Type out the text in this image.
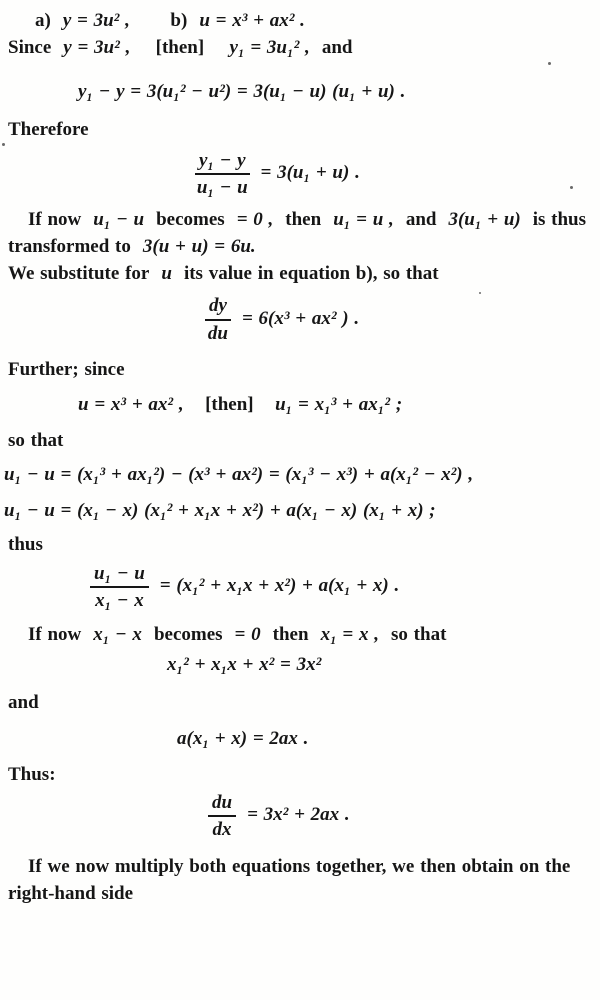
a) y = 3u² , b) u = x³ + ax² .

Since y = 3u² , [then] y₁ = 3u₁² , and

y₁ − y = 3(u₁² − u²) = 3(u₁ − u) (u₁ + u) .

Therefore

$\frac{\text{y₁ − y}}{\text{u₁ − u}} = 3(u_1 + u)$ .

If now u₁ − u becomes = 0 , then u₁ = u , and 3(u₁ + u) is thus transformed to 3(u + u) = 6u.

We substitute for u its value in equation b), so that

$\frac{dy}{du} = 6(x^3 + ax^2$ ) .

Further; since

u = x³ + ax² , [then] u₁ = x₁³ + ax₁² ;

so that

u₁ − u = (x₁³ + ax₁²) − (x³ + ax²) = (x₁³ − x³) + a(x₁² − x²) ,
u₁ − u = (x₁ − x) (x₁² + x₁x + x²) + a(x₁ − x) (x₁ + x) ;

thus

$\frac{\text{u₁ − u}}{\text{x₁ − x}} = (x_1^2 + x_1x + x^2) + a(x_1 + x)$ .

If now x₁ − x becomes = 0 then x₁ = x , so that

x₁² + x₁x + x² = 3x²

and

a(x₁ + x) = 2ax .

Thus:

$\frac{du}{dx} = 3x^2 + 2ax$ .

If we now multiply both equations together, we then obtain on the right-hand side
